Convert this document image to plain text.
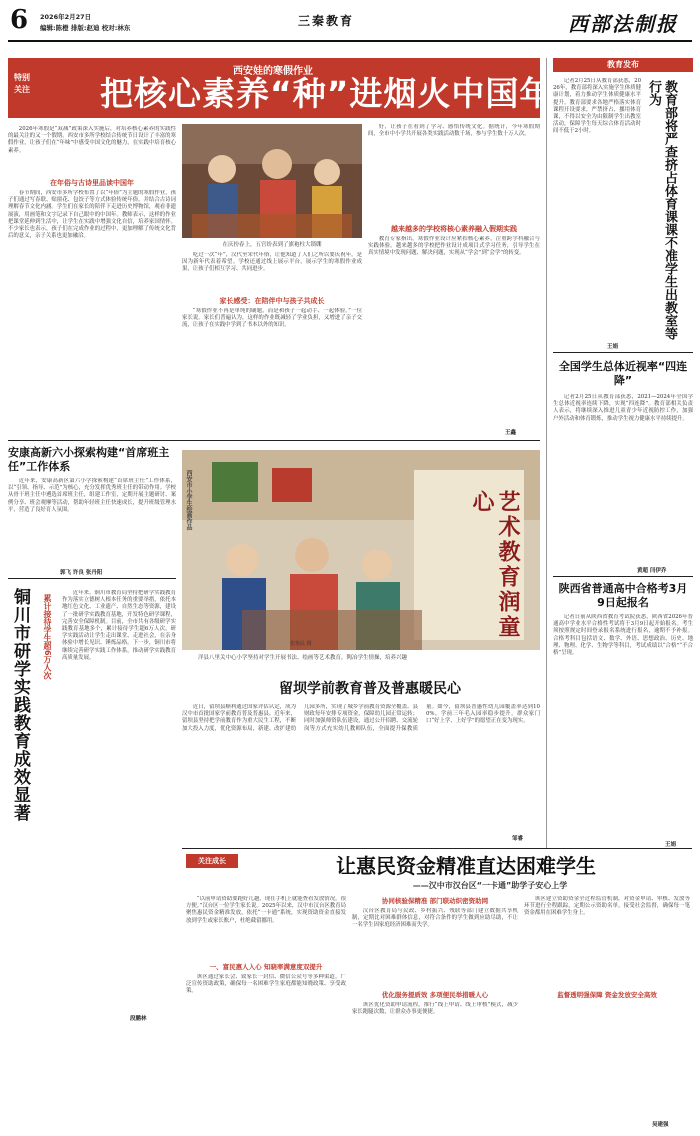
6 2026年2月27日
编辑:陈橙 排版:赵迪 校对:林东	三秦教育	西部法制报
特别
关注
西安娃的寒假作业
把核心素养“种”进烟火中国年

2026年寒假是“双减”政策深入实施后，对培养核心素养的实践性的最关注的又一个假期。西安市多所学校结合传统节日设计了丰富的寒假作业，让孩子们在“年味”中感受中国文化的魅力，在实践中培育核心素养。

在年俗与古诗里品读中国年

春节期间，西安市多所学校布置了以“年俗”为主题的寒假作业，孩子们通过写春联、贴窗花、包饺子等方式体验传统年俗，并结合古诗词理解春节文化内涵。学生们在家长的陪伴下走进历史博物馆，观看非遗展演，用画笔和文字记录下自己眼中的中国年。教师表示，这样的作业把课堂延伸到生活中，让学生在实践中增强文化自信，培养家国情怀。不少家长也表示，孩子们在完成作业的过程中，更加理解了传统文化背后的意义，亲子关系也更加融洽。

在庆扮春上，五官纷表到了旗袍柱大锁绷

吃过一次“年”，汉代至宋代年俗，让他知道了人们之所以要庆祝年，是因为新年代表着希望。学校还通过线上展示平台，展示学生的寒假作业成果，让孩子们相互学习、共同进步。

家长感受：在陪伴中与孩子共成长

“寒假作业不再是单纯的刷题，而是和孩子一起动手、一起体验。”一位家长说。家长们普遍认为，这样的作业既减轻了学业负担，又增进了亲子交流，让孩子在实践中学到了书本以外的知识。

好，让孩子在看到了学习、感悟传统文化。据统计，今年寒假期间，全市中小学共开展各类实践活动数千场，参与学生数十万人次。

越来越多的学校将核心素养融入假期实践

教育专家指出，寒假作业设计应紧扣核心素养，注重跨学科融合与实践体验。越来越多的学校把作业设计成项目式学习任务，引导学生在真实情境中发现问题、解决问题，实现从“学会”到“会学”的转变。

王鑫
安康高新六小探索构建“首席班主任”工作体系

近年来，安康高新区第六小学探索构建“首席班主任”工作体系，以“引领、指导、示范”为核心，充分发挥优秀班主任的带动作用。学校从骨干班主任中遴选首席班主任，组建工作室，定期开展主题研讨、案例分享、班会观摩等活动，帮助年轻班主任快速成长，提升班级管理水平，营造了良好育人氛围。

郭飞 许良 张丹阳
铜川市研学实践教育成效显著 累计接待学生超6万人次

近年来，铜川市教育局坚持把研学实践教育作为落实立德树人根本任务的重要举措，依托本地红色文化、工业遗产、自然生态等资源，建设了一批研学实践教育基地，开发特色研学课程，完善安全保障机制。目前，全市共有各级研学实践教育基地多个，累计接待学生超6万人次。研学实践活动让学生走出课堂、走进社会，在亲身体验中增长见识、锤炼品格。下一步，铜川市将继续完善研学实践工作体系，推动研学实践教育高质量发展。

段鹏林
艺术教育润童心
西安市小学生绘画作品
张艳民 摄
洋县八里关中心小学坚持对学生开展书法、绘画等艺术教育，陶冶学生情操，培养兴趣
留坝学前教育普及普惠暖民心

近日，留坝县顺利通过国家评估认定，成为汉中市首批国家学前教育普及普惠县。近年来，留坝县坚持把学前教育作为重大民生工程，不断加大投入力度，优化资源布局，新建、改扩建幼儿园多所，实现了城乡学前教育资源全覆盖。县财政每年安排专项资金，保障幼儿园正常运转；同时加强师资队伍建设，通过公开招聘、交流轮岗等方式充实幼儿教师队伍，全面提升保教质量。如今，留坝县普惠性幼儿园覆盖率达到100%，学前三年毛入园率稳步提升，群众家门口“好上学、上好学”的愿望正在变为现实。

邹睿
教育发布

记者2月25日从教育部获悉，2026年，教育部将深入实施学生体质健康计划，着力推动学生体质健康水平提升。教育部要求各地严格落实体育课程开设要求，严禁挤占、挪用体育课，不得以安全为由限制学生出教室活动，保障学生每天综合体育活动时间不低于2小时。	教育部将严查挤占体育课课不准学生出教室等行为
王娟
全国学生总体近视率“四连降”

记者2月25日从教育部获悉，2021—2024年全国学生总体近视率连续下降，实现“四连降”。教育部相关负责人表示，将继续深入推进儿童青少年近视防控工作，加强户外活动和体育锻炼，推动学生视力健康水平持续提升。

黄超 闫伊乔
陕西省普通高中合格考3月9日起报名

记者日前从陕西省教育考试院获悉，陕西省2026年普通高中学业水平合格性考试将于3月9日起开始报名。考生须按照规定时间登录报名系统进行报名，逾期不予补报。合格考科目包括语文、数学、外语、思想政治、历史、地理、物理、化学、生物学等科目，考试成绩以“合格”“不合格”呈现。

王娟
关注成长	让惠民资金精准直达困难学生
——汉中市汉台区“一卡通”助学子安心上学

“以前申请资助要跑好几趟，现在手机上就能查看发放情况，很方便。”汉台区一位学生家长说。2025年以来，汉中市汉台区教育局聚焦惠民资金精准发放，依托“一卡通”系统，实现资助资金直接发放到学生或家长账户，杜绝截留挪用。

一、富民惠人入心 知晓率满意度双提升

该区通过家长会、致家长一封信、微信公众号等多种渠道，广泛宣传资助政策，确保每一名困难学生家庭都能知晓政策、享受政策。

协同核验保精准 部门联动织密资助网

汉台区教育局与民政、乡村振兴、残联等部门建立数据共享机制，定期比对困难群体信息，对符合条件的学生做到应助尽助，不让一名学生因家庭经济困难而失学。

优化服务提质效 多项便民举措暖人心

该区优化资助申请流程，推行“线上申请、线上审核”模式，减少家长跑腿次数，让群众办事更便捷。

监督透明强保障 资金发放安全高效

该区建立资助资金全过程监管机制，对资金申请、审核、发放等环节进行全程跟踪，定期公示资助名单，接受社会监督，确保每一笔资金都用在困难学生身上。

吴建强
